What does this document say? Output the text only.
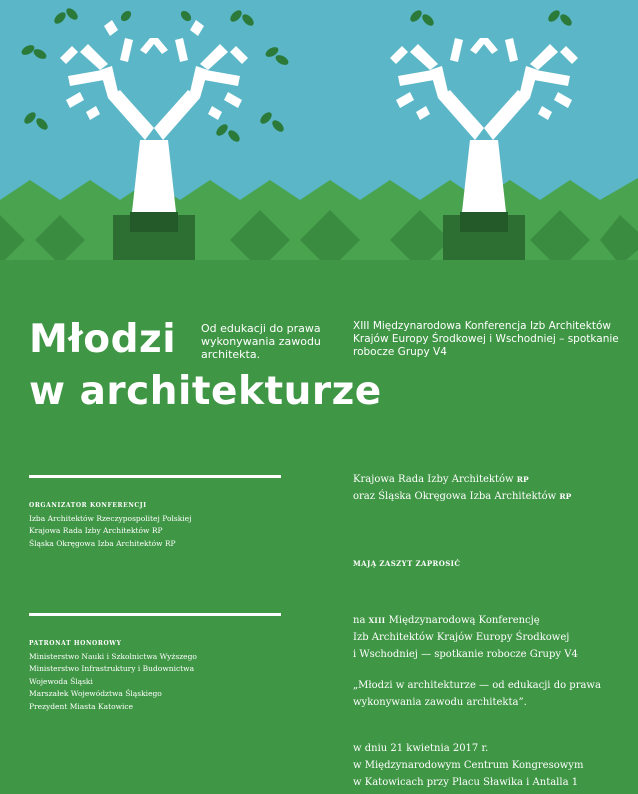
Młodzi
w architekturze
Od edukacji do prawa wykonywania zawodu architekta.
XIII Międzynarodowa Konferencja Izb Architektów Krajów Europy Środkowej i Wschodniej – spotkanie robocze Grupy V4
ORGANIZATOR KONFERENCJI
Izba Architektów Rzeczypospolitej Polskiej
Krajowa Rada Izby Architektów RP
Śląska Okręgowa Izba Architektów RP
PATRONAT HONOROWY
Ministerstwo Nauki i Szkolnictwa Wyższego
Ministerstwo Infrastruktury i Budownictwa
Wojewoda Śląski
Marszałek Województwa Śląskiego
Prezydent Miasta Katowice
Krajowa Rada Izby Architektów RP
oraz Śląska Okręgowa Izba Architektów RP
MAJĄ ZASZYT ZAPROSIĆ
na XIII Międzynarodową Konferencję
Izb Architektów Krajów Europy Środkowej
i Wschodniej — spotkanie robocze Grupy V4
„Młodzi w architekturze — od edukacji do prawa
wykonywania zawodu architekta”.
w dniu 21 kwietnia 2017 r.
w Międzynarodowym Centrum Kongresowym
w Katowicach przy Placu Sławika i Antalla 1
